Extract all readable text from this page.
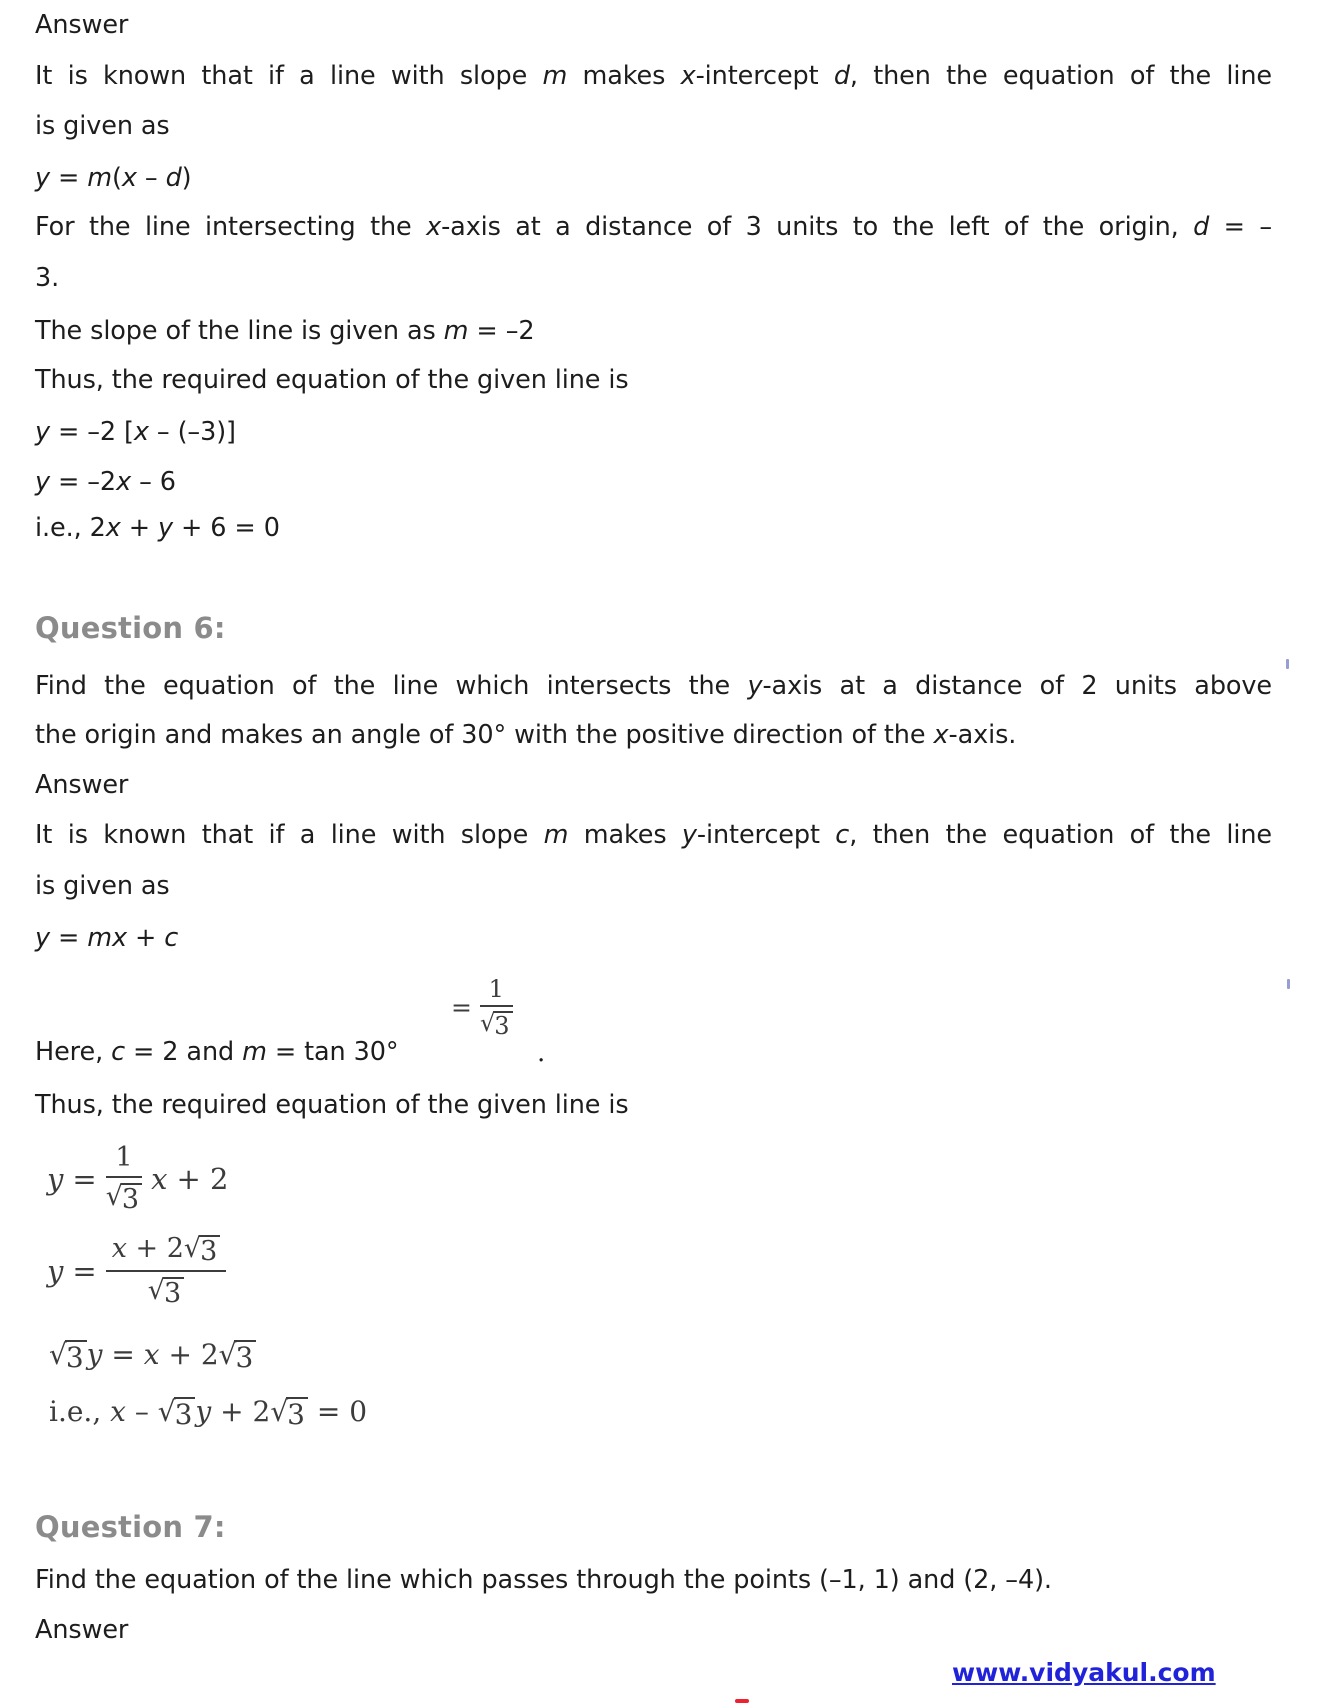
Answer
It is known that if a line with slope m makes x-intercept d, then the equation of the line
is given as
y = m(x – d)
For the line intersecting the x-axis at a distance of 3 units to the left of the origin, d = –
3.
The slope of the line is given as m = –2
Thus, the required equation of the given line is
y = –2 [x – (–3)]
y = –2x – 6
i.e., 2x + y + 6 = 0
Question 6:
Find the equation of the line which intersects the y-axis at a distance of 2 units above
the origin and makes an angle of 30° with the positive direction of the x-axis.
Answer
It is known that if a line with slope m makes y-intercept c, then the equation of the line
is given as
y = mx + c
Here, c = 2 and m = tan 30°
=
1
√ 3
.
Thus, the required equation of the given line is
y =
1
√ 3
x + 2
y =
x + 2 √ 3
√ 3
√ 3 y = x + 2 √ 3
i.e., x – √ 3 y + 2 √ 3 = 0
Question 7:
Find the equation of the line which passes through the points (–1, 1) and (2, –4).
Answer
www.vidyakul.com
